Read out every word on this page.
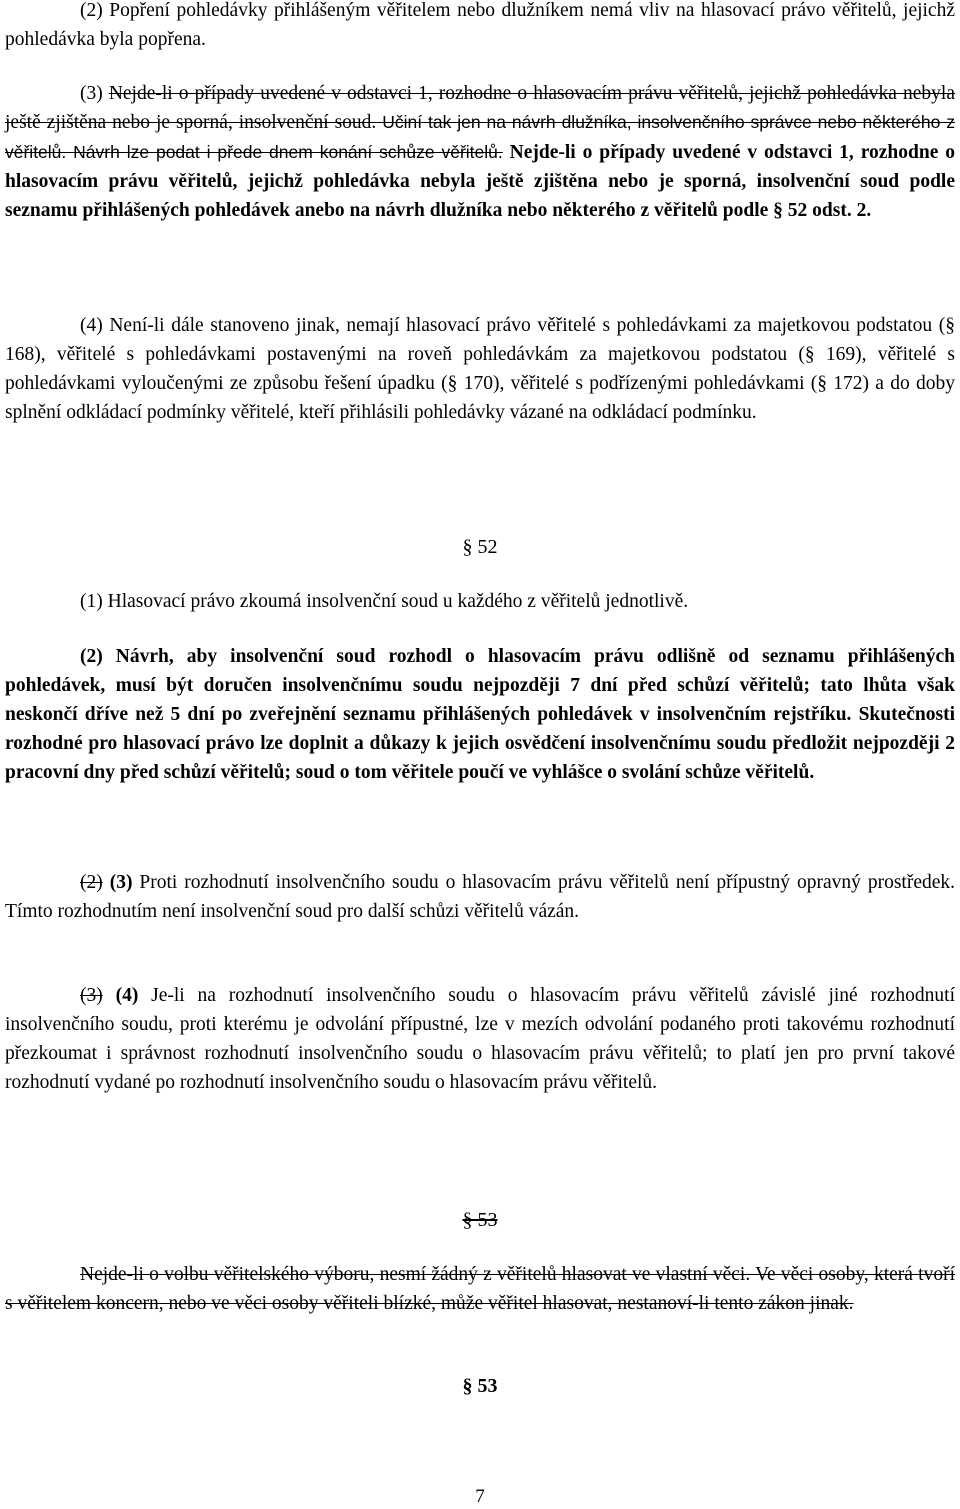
(2) Popření pohledávky přihlášeným věřitelem nebo dlužníkem nemá vliv na hlasovací právo věřitelů, jejichž pohledávka byla popřena.

(3) Nejde-li o případy uvedené v odstavci 1, rozhodne o hlasovacím právu věřitelů, jejichž pohledávka nebyla ještě zjištěna nebo je sporná, insolvenční soud. Učiní tak jen na návrh dlužníka, insolvenčního správce nebo některého z věřitelů. Návrh lze podat i přede dnem konání schůze věřitelů. Nejde-li o případy uvedené v odstavci 1, rozhodne o hlasovacím právu věřitelů, jejichž pohledávka nebyla ještě zjištěna nebo je sporná, insolvenční soud podle seznamu přihlášených pohledávek anebo na návrh dlužníka nebo některého z věřitelů podle § 52 odst. 2.

(4) Není-li dále stanoveno jinak, nemají hlasovací právo věřitelé s pohledávkami za majetkovou podstatou (§ 168), věřitelé s pohledávkami postavenými na roveň pohledávkám za majetkovou podstatou (§ 169), věřitelé s pohledávkami vyloučenými ze způsobu řešení úpadku (§ 170), věřitelé s podřízenými pohledávkami (§ 172) a do doby splnění odkládací podmínky věřitelé, kteří přihlásili pohledávky vázané na odkládací podmínku.

§ 52

(1) Hlasovací právo zkoumá insolvenční soud u každého z věřitelů jednotlivě.

(2) Návrh, aby insolvenční soud rozhodl o hlasovacím právu odlišně od seznamu přihlášených pohledávek, musí být doručen insolvenčnímu soudu nejpozději 7 dní před schůzí věřitelů; tato lhůta však neskončí dříve než 5 dní po zveřejnění seznamu přihlášených pohledávek v insolvenčním rejstříku. Skutečnosti rozhodné pro hlasovací právo lze doplnit a důkazy k jejich osvědčení insolvenčnímu soudu předložit nejpozději 2 pracovní dny před schůzí věřitelů; soud o tom věřitele poučí ve vyhlášce o svolání schůze věřitelů.

(2) (3) Proti rozhodnutí insolvenčního soudu o hlasovacím právu věřitelů není přípustný opravný prostředek. Tímto rozhodnutím není insolvenční soud pro další schůzi věřitelů vázán.

(3) (4) Je-li na rozhodnutí insolvenčního soudu o hlasovacím právu věřitelů závislé jiné rozhodnutí insolvenčního soudu, proti kterému je odvolání přípustné, lze v mezích odvolání podaného proti takovému rozhodnutí přezkoumat i správnost rozhodnutí insolvenčního soudu o hlasovacím právu věřitelů; to platí jen pro první takové rozhodnutí vydané po rozhodnutí insolvenčního soudu o hlasovacím právu věřitelů.

§ 53

Nejde-li o volbu věřitelského výboru, nesmí žádný z věřitelů hlasovat ve vlastní věci. Ve věci osoby, která tvoří s věřitelem koncern, nebo ve věci osoby věřiteli blízké, může věřitel hlasovat, nestanoví-li tento zákon jinak.

§ 53
7
